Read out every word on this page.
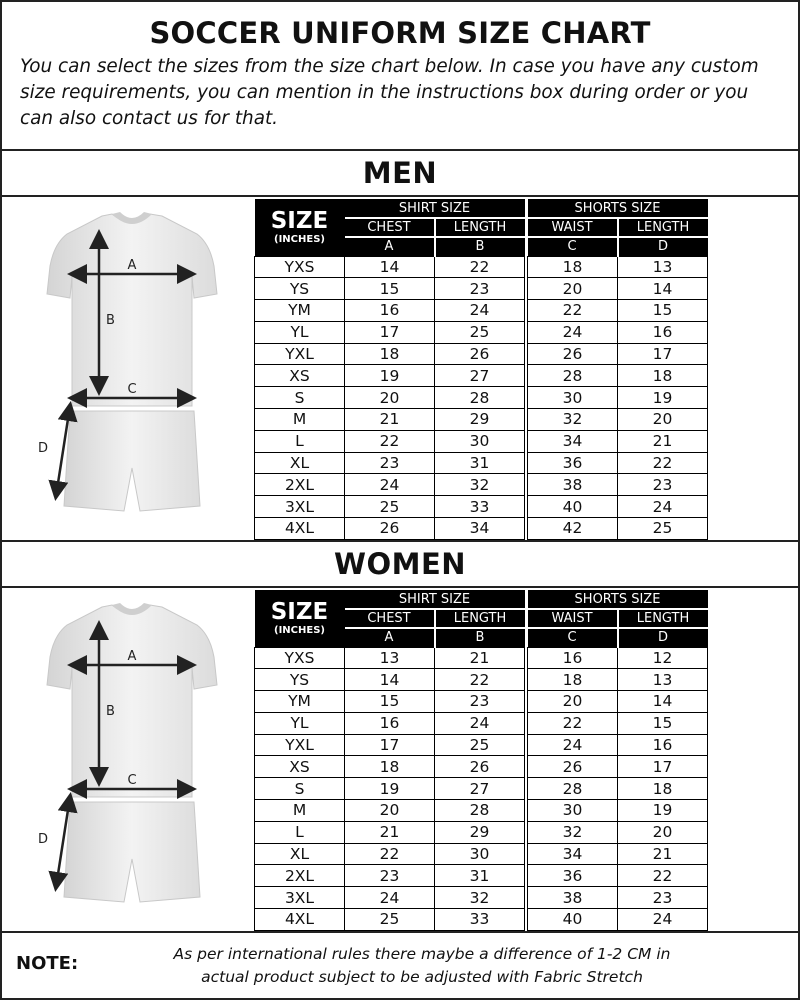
SOCCER UNIFORM SIZE CHART
You can select the sizes from the size chart below. In case you have any custom size requirements, you can mention in the instructions box during order or you can also contact us for that.
MEN
A
B
C
D
SIZE
(INCHES)	SHIRT SIZE			SHORTS SIZE	
	CHEST	LENGTH		WAIST	LENGTH
	A	B		C	D
YXS	14	22		18	13
YS	15	23		20	14
YM	16	24		22	15
YL	17	25		24	16
YXL	18	26		26	17
XS	19	27		28	18
S	20	28		30	19
M	21	29		32	20
L	22	30		34	21
XL	23	31		36	22
2XL	24	32		38	23
3XL	25	33		40	24
4XL	26	34		42	25
WOMEN
A
B
C
D
SIZE
(INCHES)	SHIRT SIZE			SHORTS SIZE	
	CHEST	LENGTH		WAIST	LENGTH
	A	B		C	D
YXS	13	21		16	12
YS	14	22		18	13
YM	15	23		20	14
YL	16	24		22	15
YXL	17	25		24	16
XS	18	26		26	17
S	19	27		28	18
M	20	28		30	19
L	21	29		32	20
XL	22	30		34	21
2XL	23	31		36	22
3XL	24	32		38	23
4XL	25	33		40	24
NOTE:	As per international rules there maybe a difference of 1-2 CM in
actual product subject to be adjusted with Fabric Stretch
